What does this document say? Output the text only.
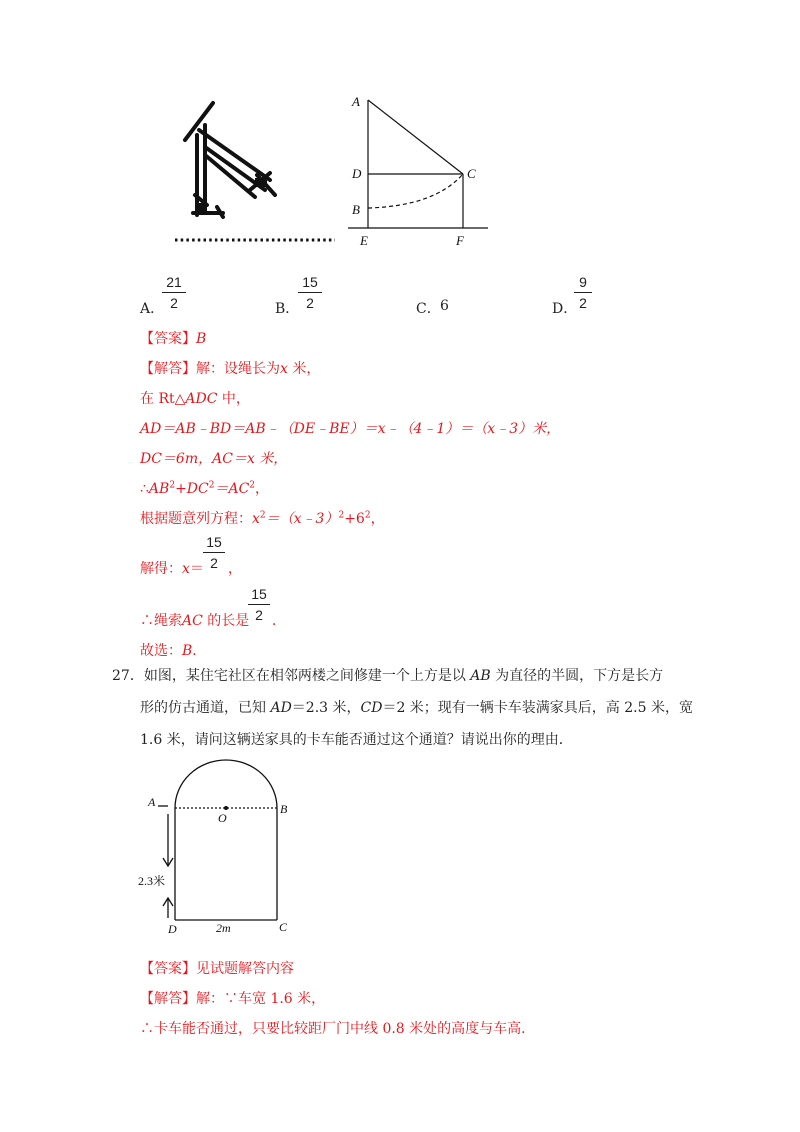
A
D
B
C
E	F
A．
21
2	B．
15
2	C． 6	D．
9
2
【答案】B
【解答】解：设绳长为x 米，
在 Rt△ADC 中，
AD＝AB﹣BD＝AB﹣（DE﹣BE）＝x﹣（4﹣1）＝（x﹣3）米，
DC＝6m，AC＝x 米，
$\therefore AB^2+DC^2=AC^2$，
根据题意列方程：$x^2=(x﹣3)^2+6^2$，
解得：x＝
15
2 ，
∴绳索AC 的长是
15
2 ．
故选：B．
27．如图，某住宅社区在相邻两楼之间修建一个上方是以 AB 为直径的半圆，下方是长方
形的仿古通道，已知 AD＝2.3 米，CD＝2 米；现有一辆卡车装满家具后，高 2.5 米，宽
1.6 米，请问这辆送家具的卡车能否通过这个通道？请说出你的理由．
A	B
O
D	C
2.3米
2m
【答案】见试题解答内容
【解答】解：∵车宽 1.6 米，
∴卡车能否通过，只要比较距厂门中线 0.8 米处的高度与车高．
